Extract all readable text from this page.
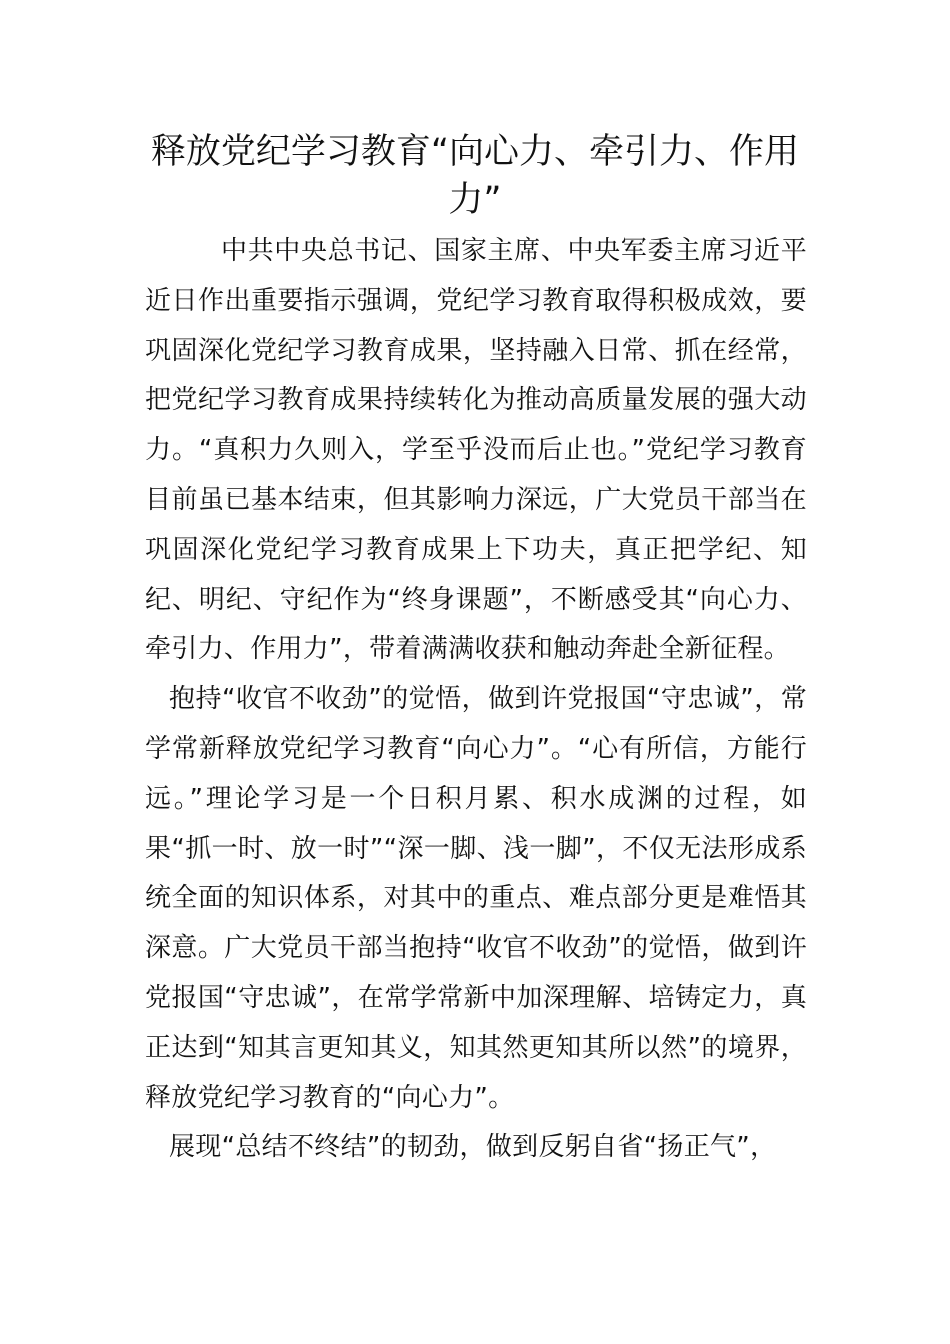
释放党纪学习教育“向心力、牵引力、作用力”

中共中央总书记、国家主席、中央军委主席习近平近日作出重要指示强调，党纪学习教育取得积极成效，要巩固深化党纪学习教育成果，坚持融入日常、抓在经常，把党纪学习教育成果持续转化为推动高质量发展的强大动力。“真积力久则入，学至乎没而后止也。”党纪学习教育目前虽已基本结束，但其影响力深远，广大党员干部当在巩固深化党纪学习教育成果上下功夫，真正把学纪、知纪、明纪、守纪作为“终身课题”，不断感受其“向心力、牵引力、作用力”，带着满满收获和触动奔赴全新征程。

抱持“收官不收劲”的觉悟，做到许党报国“守忠诚”，常学常新释放党纪学习教育“向心力”。“心有所信，方能行远。”理论学习是一个日积月累、积水成渊的过程，如果“抓一时、放一时”“深一脚、浅一脚”，不仅无法形成系统全面的知识体系，对其中的重点、难点部分更是难悟其深意。广大党员干部当抱持“收官不收劲”的觉悟，做到许党报国“守忠诚”，在常学常新中加深理解、培铸定力，真正达到“知其言更知其义，知其然更知其所以然”的境界，释放党纪学习教育的“向心力”。

展现“总结不终结”的韧劲，做到反躬自省“扬正气”，
